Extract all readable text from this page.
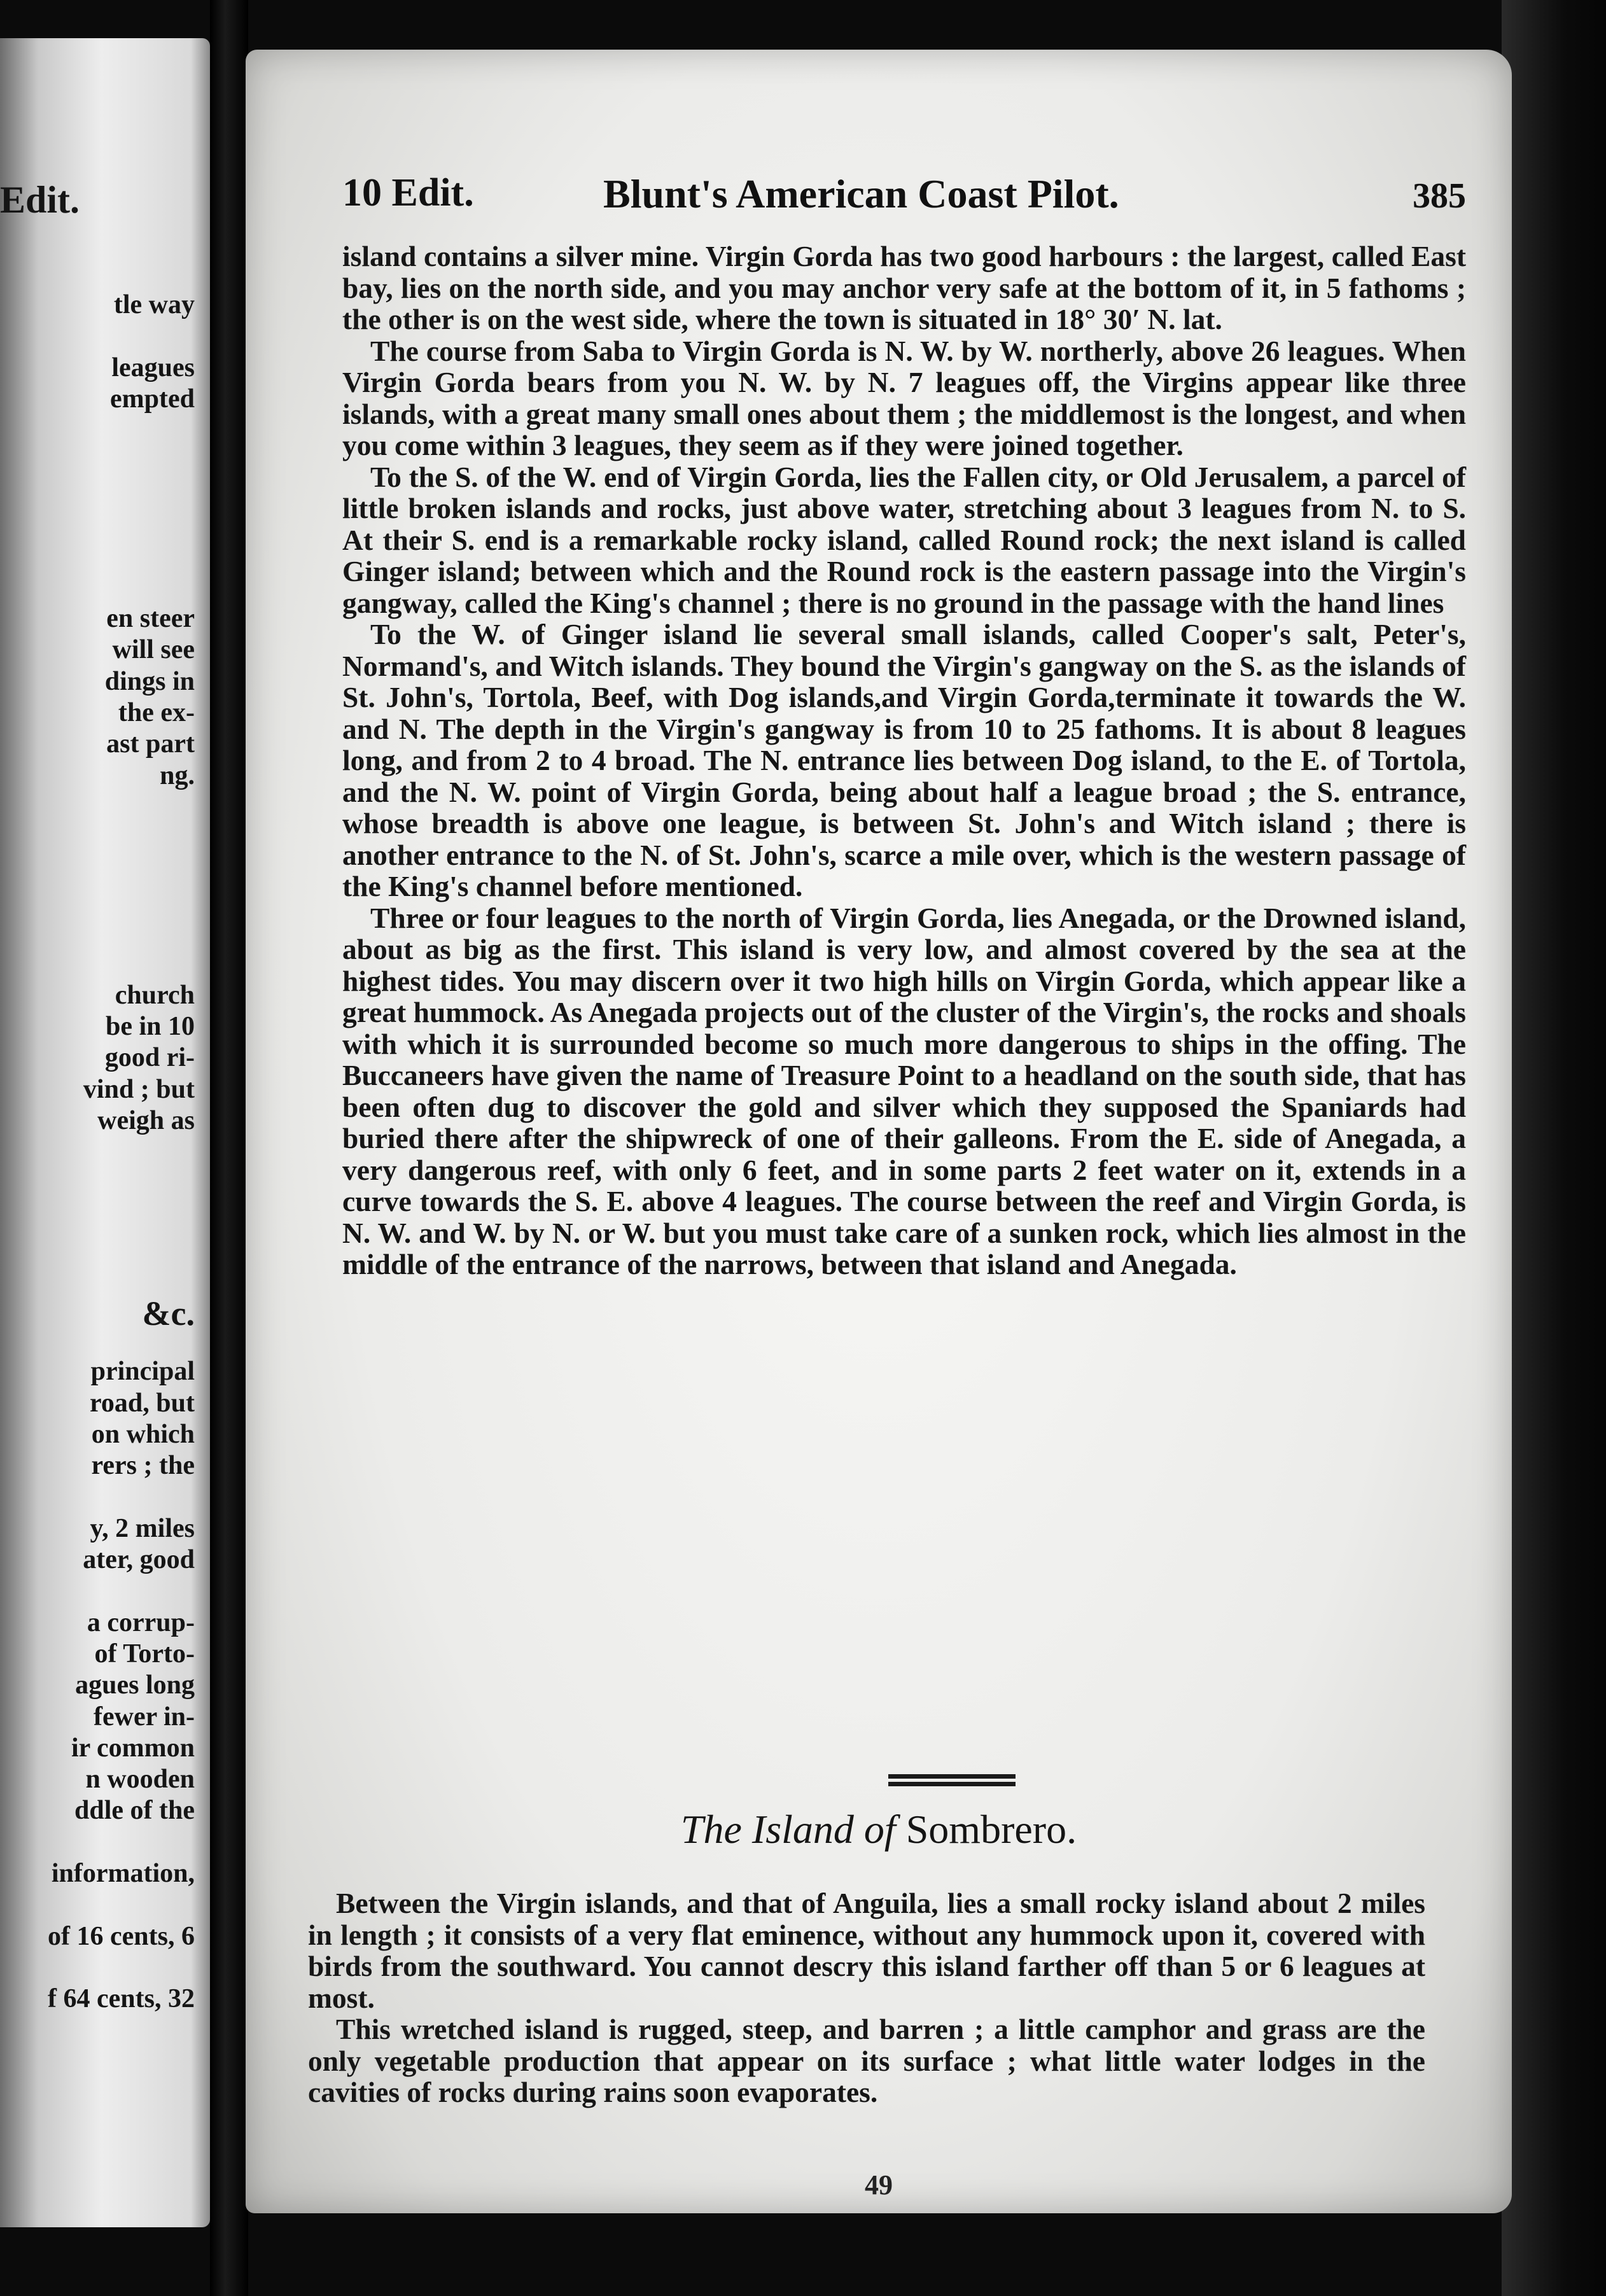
Edit.
tle way
leagues
empted
en steer
will see
dings in
the ex-
ast part
ng.
church
be in 10
good ri-
vind ; but
weigh as
&c.
principal
road, but
on which
rers ; the
y, 2 miles
ater, good
a corrup-
of Torto-
agues long
fewer in-
ir common
n wooden
ddle of the
information,
of 16 cents, 6
f 64 cents, 32
10 Edit.	Blunt's American Coast Pilot.	385

island contains a silver mine. Virgin Gorda has two good harbours : the largest, called East bay, lies on the north side, and you may anchor very safe at the bottom of it, in 5 fathoms ; the other is on the west side, where the town is situated in 18° 30′ N. lat.

The course from Saba to Virgin Gorda is N. W. by W. northerly, above 26 leagues. When Virgin Gorda bears from you N. W. by N. 7 leagues off, the Virgins appear like three islands, with a great many small ones about them ; the middlemost is the longest, and when you come within 3 leagues, they seem as if they were joined together.

To the S. of the W. end of Virgin Gorda, lies the Fallen city, or Old Jerusalem, a parcel of little broken islands and rocks, just above water, stretching about 3 leagues from N. to S. At their S. end is a remarkable rocky island, called Round rock; the next island is called Ginger island; between which and the Round rock is the eastern passage into the Virgin's gangway, called the King's channel ; there is no ground in the passage with the hand lines

To the W. of Ginger island lie several small islands, called Cooper's salt, Peter's, Normand's, and Witch islands. They bound the Virgin's gangway on the S. as the islands of St. John's, Tortola, Beef, with Dog islands,and Virgin Gorda,terminate it towards the W. and N. The depth in the Virgin's gangway is from 10 to 25 fathoms. It is about 8 leagues long, and from 2 to 4 broad. The N. entrance lies between Dog island, to the E. of Tortola, and the N. W. point of Virgin Gorda, being about half a league broad ; the S. entrance, whose breadth is above one league, is between St. John's and Witch island ; there is another entrance to the N. of St. John's, scarce a mile over, which is the western passage of the King's channel before mentioned.

Three or four leagues to the north of Virgin Gorda, lies Anegada, or the Drowned island, about as big as the first. This island is very low, and almost covered by the sea at the highest tides. You may discern over it two high hills on Virgin Gorda, which appear like a great hummock. As Anegada projects out of the cluster of the Virgin's, the rocks and shoals with which it is surrounded become so much more dangerous to ships in the offing. The Buccaneers have given the name of Treasure Point to a headland on the south side, that has been often dug to discover the gold and silver which they supposed the Spaniards had buried there after the shipwreck of one of their galleons. From the E. side of Anegada, a very dangerous reef, with only 6 feet, and in some parts 2 feet water on it, extends in a curve towards the S. E. above 4 leagues. The course between the reef and Virgin Gorda, is N. W. and W. by N. or W. but you must take care of a sunken rock, which lies almost in the middle of the entrance of the narrows, between that island and Anegada.

The Island of Sombrero.

Between the Virgin islands, and that of Anguila, lies a small rocky island about 2 miles in length ; it consists of a very flat eminence, without any hummock upon it, covered with birds from the southward. You cannot descry this island farther off than 5 or 6 leagues at most.

This wretched island is rugged, steep, and barren ; a little camphor and grass are the only vegetable production that appear on its surface ; what little water lodges in the cavities of rocks during rains soon evaporates.

49
